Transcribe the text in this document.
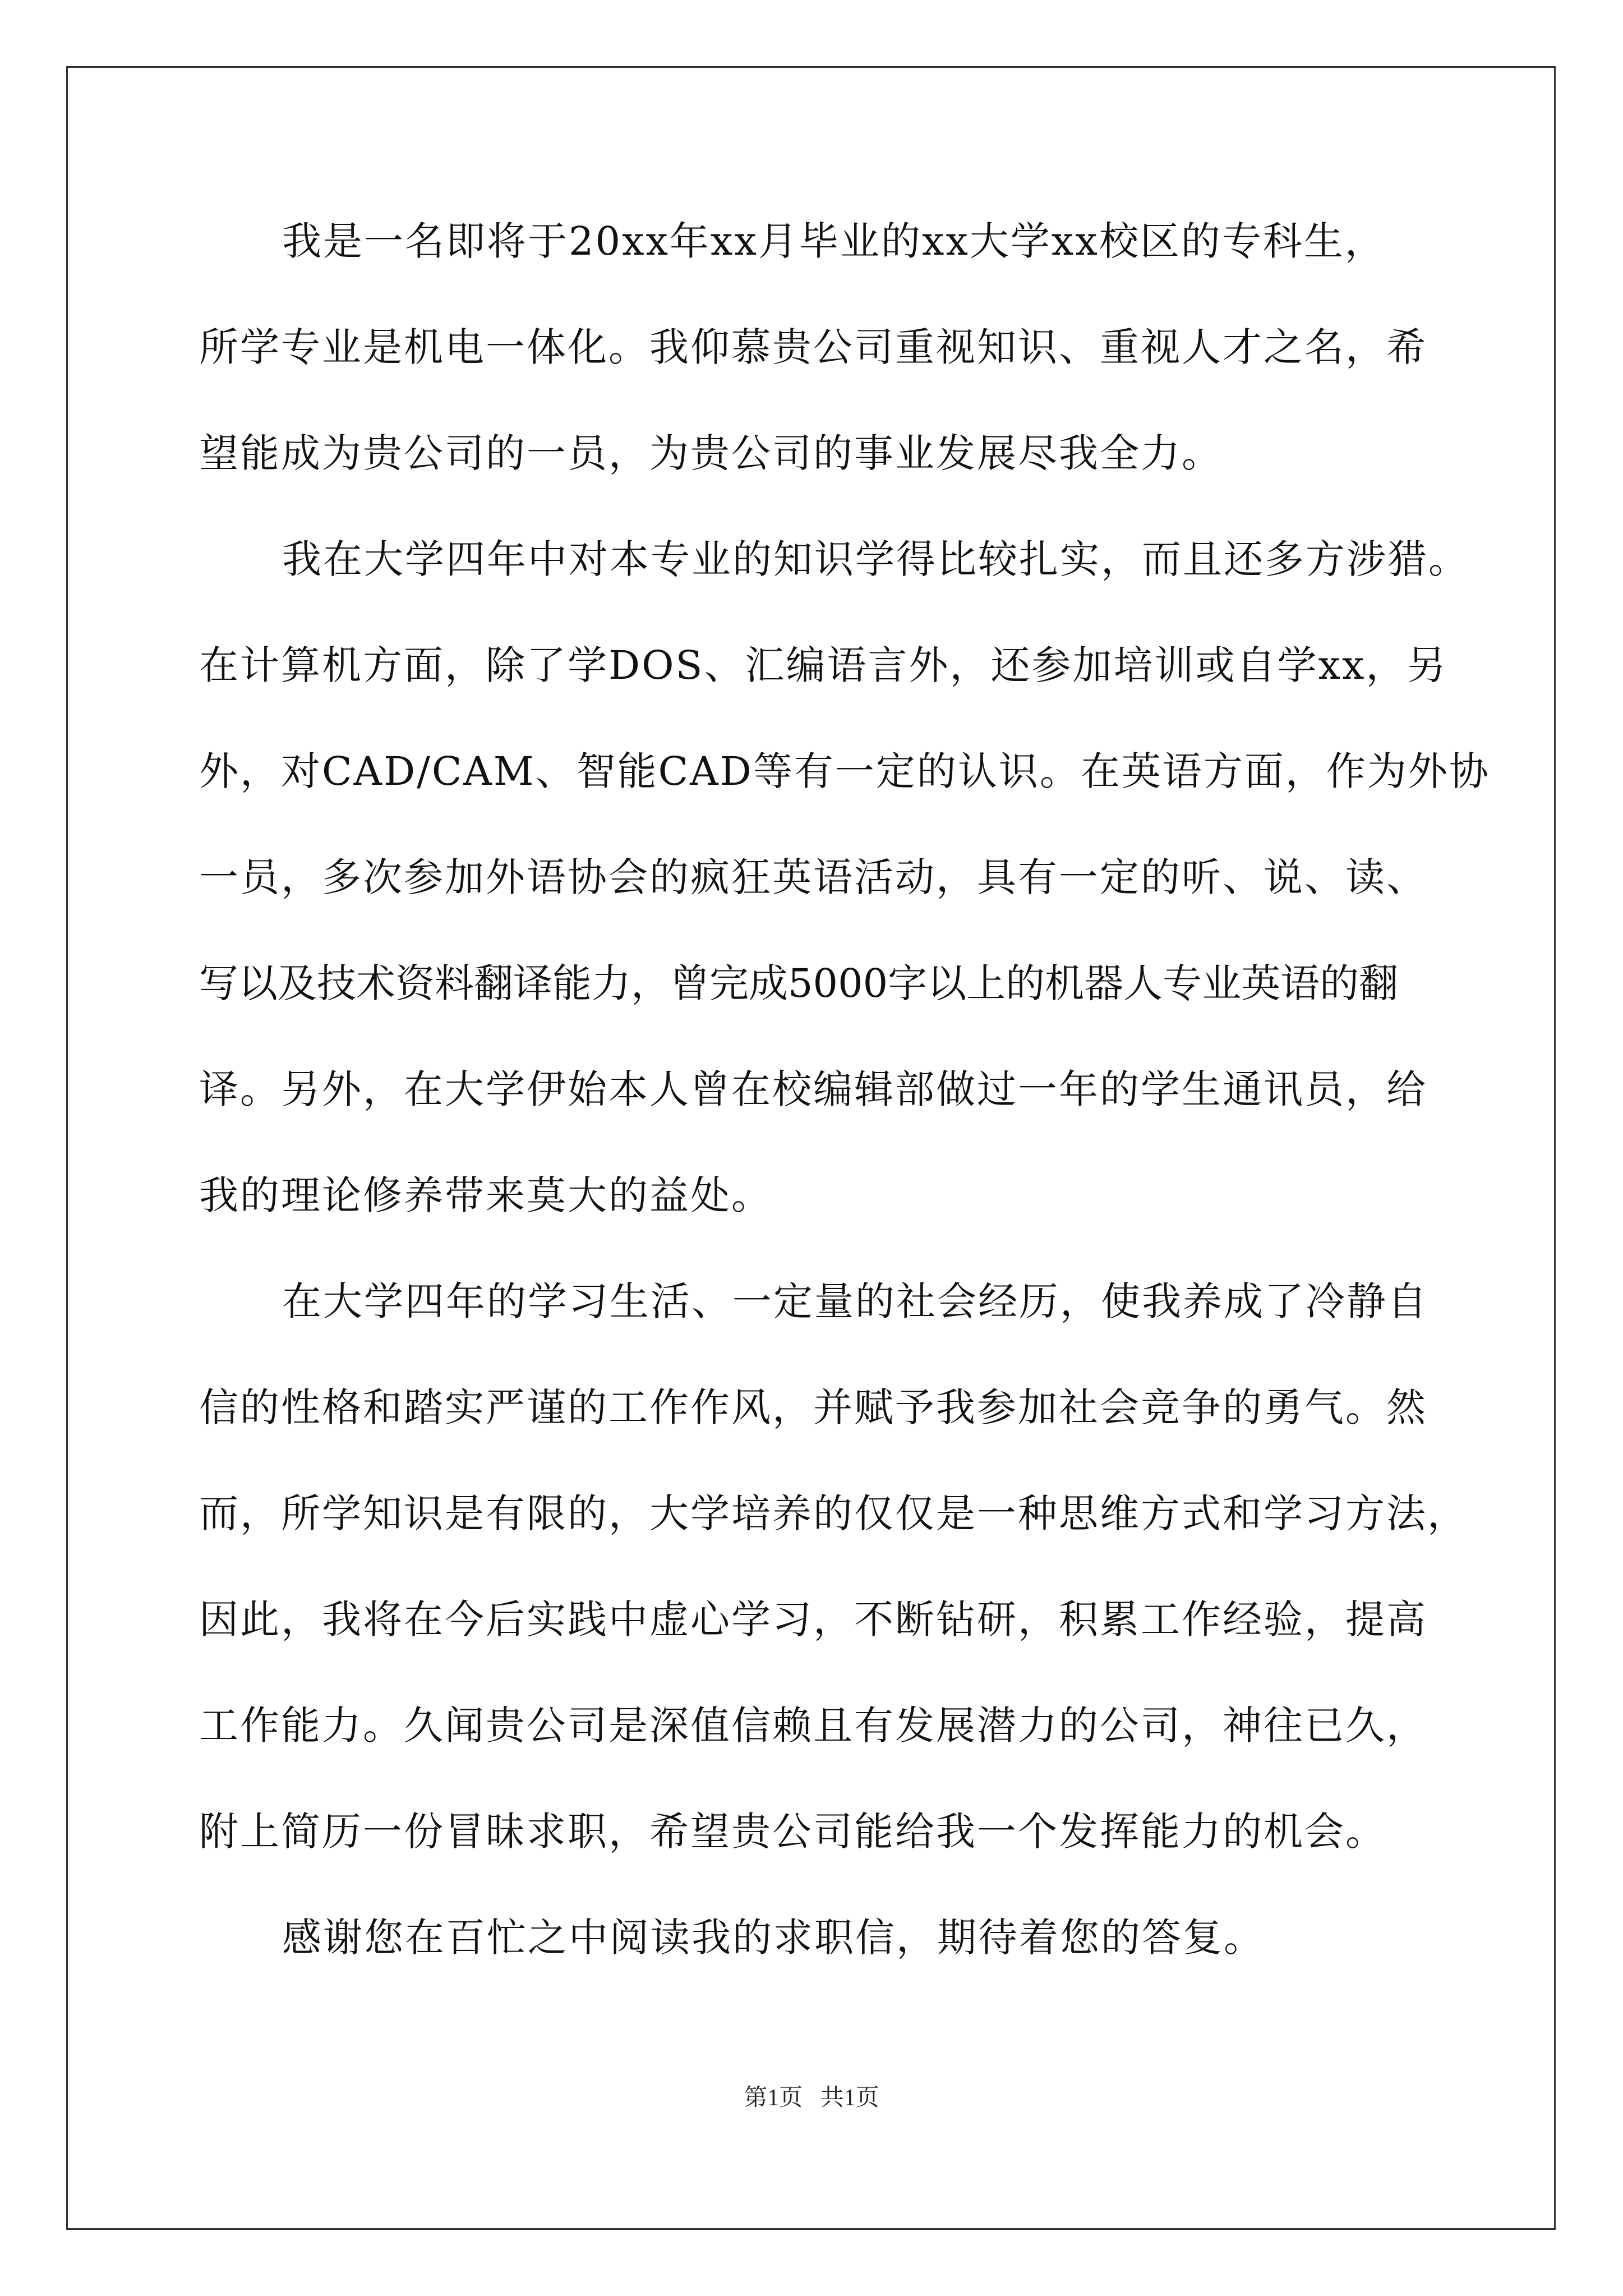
我是一名即将于20xx年xx月毕业的xx大学xx校区的专科生，
所学专业是机电一体化。我仰慕贵公司重视知识、重视人才之名，希
望能成为贵公司的一员，为贵公司的事业发展尽我全力。
我在大学四年中对本专业的知识学得比较扎实，而且还多方涉猎。
在计算机方面，除了学DOS、汇编语言外，还参加培训或自学xx，另
外，对CAD/CAM、智能CAD等有一定的认识。在英语方面，作为外协
一员，多次参加外语协会的疯狂英语活动，具有一定的听、说、读、
写以及技术资料翻译能力，曾完成5000字以上的机器人专业英语的翻
译。另外，在大学伊始本人曾在校编辑部做过一年的学生通讯员，给
我的理论修养带来莫大的益处。
在大学四年的学习生活、一定量的社会经历，使我养成了冷静自
信的性格和踏实严谨的工作作风，并赋予我参加社会竞争的勇气。然
而，所学知识是有限的，大学培养的仅仅是一种思维方式和学习方法，
因此，我将在今后实践中虚心学习，不断钻研，积累工作经验，提高
工作能力。久闻贵公司是深值信赖且有发展潜力的公司，神往已久，
附上简历一份冒昧求职，希望贵公司能给我一个发挥能力的机会。
感谢您在百忙之中阅读我的求职信，期待着您的答复。
第1页   共1页
